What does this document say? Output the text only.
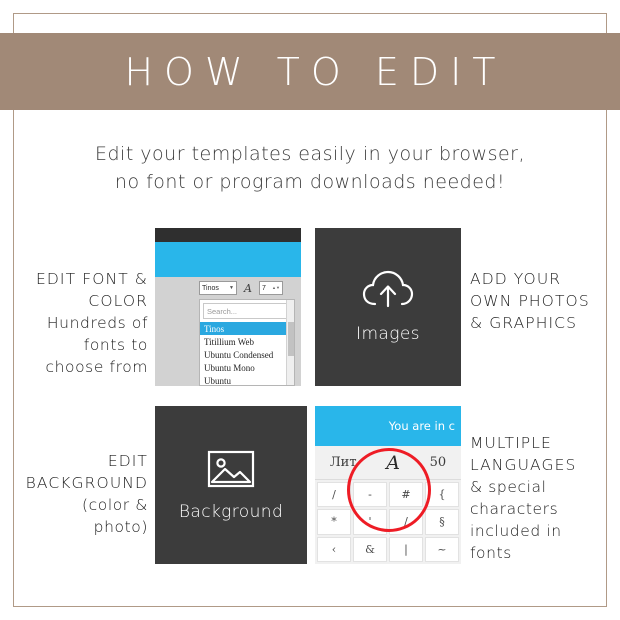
HOW TO EDIT
Edit your templates easily in your browser,
no font or program downloads needed!
EDIT FONT &
COLOR
Hundreds of
fonts to
choose from
Tinos ▼ A	7 ▲▼
Search...
Tinos
Titillium Web
Ubuntu Condensed
Ubuntu Mono
Ubuntu
Images
ADD YOUR
OWN PHOTOS
& GRAPHICS
EDIT
BACKGROUND
(color &
photo)
Background
You are in c
Лит A 50
/	-	#	{
*	'	/	§
‹	&	|	~
MULTIPLE
LANGUAGES
& special
characters
included in
fonts
